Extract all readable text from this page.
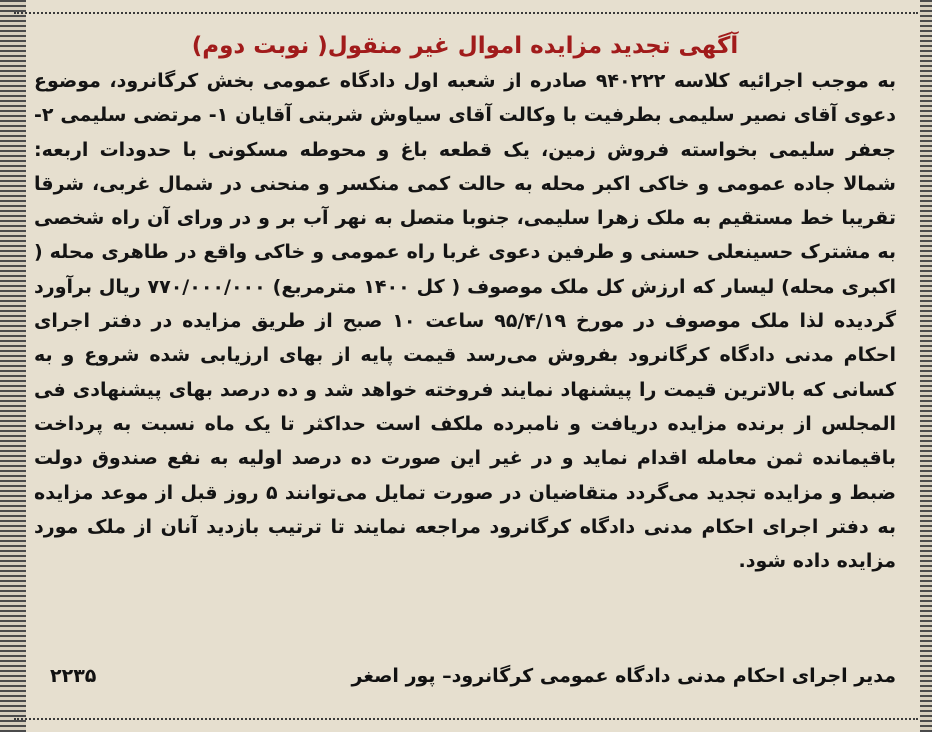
آگهی تجدید مزایده اموال غیر منقول( نوبت دوم)

به موجب اجرائیه کلاسه ۹۴۰۲۲۲ صادره از شعبه اول دادگاه عمومی بخش کرگانرود، موضوع دعوی آقای نصیر سلیمی بطرفیت با وکالت آقای سیاوش شربتی آقایان ۱- مرتضی سلیمی ۲- جعفر سلیمی بخواسته فروش زمین، یک قطعه باغ و محوطه مسکونی با حدودات اربعه: شمالا جاده عمومی و خاکی اکبر محله به حالت کمی منکسر و منحنی در شمال غربی، شرقا تقریبا خط مستقیم به ملک زهرا سلیمی، جنوبا متصل به نهر آب بر و در ورای آن راه شخصی به مشترک حسینعلی حسنی و طرفین دعوی غربا راه عمومی و خاکی واقع در طاهری محله ( اکبری محله) لیسار که ارزش کل ملک موصوف ( کل ۱۴۰۰ مترمربع) ۷۷۰/۰۰۰/۰۰۰ ریال برآورد گردیده لذا ملک موصوف در مورخ ۹۵/۴/۱۹ ساعت ۱۰ صبح از طریق مزایده در دفتر اجرای احکام مدنی دادگاه کرگانرود بفروش می‌رسد قیمت پایه از بهای ارزیابی شده شروع و به کسانی که بالاترین قیمت را پیشنهاد نمایند فروخته خواهد شد و ده درصد بهای پیشنهادی فی المجلس از برنده مزایده دریافت و نامبرده ملکف است حداکثر تا یک ماه نسبت به پرداخت باقیمانده ثمن معامله اقدام نماید و در غیر این صورت ده درصد اولیه به نفع صندوق دولت ضبط و مزایده تجدید می‌گردد متقاضیان در صورت تمایل می‌توانند ۵ روز قبل از موعد مزایده به دفتر اجرای احکام مدنی دادگاه کرگانرود مراجعه نمایند تا ترتیب بازدید آنان از ملک مورد مزایده داده شود.

مدیر اجرای احکام مدنی دادگاه عمومی کرگانرود– پور اصغر
۲۲۳۵
